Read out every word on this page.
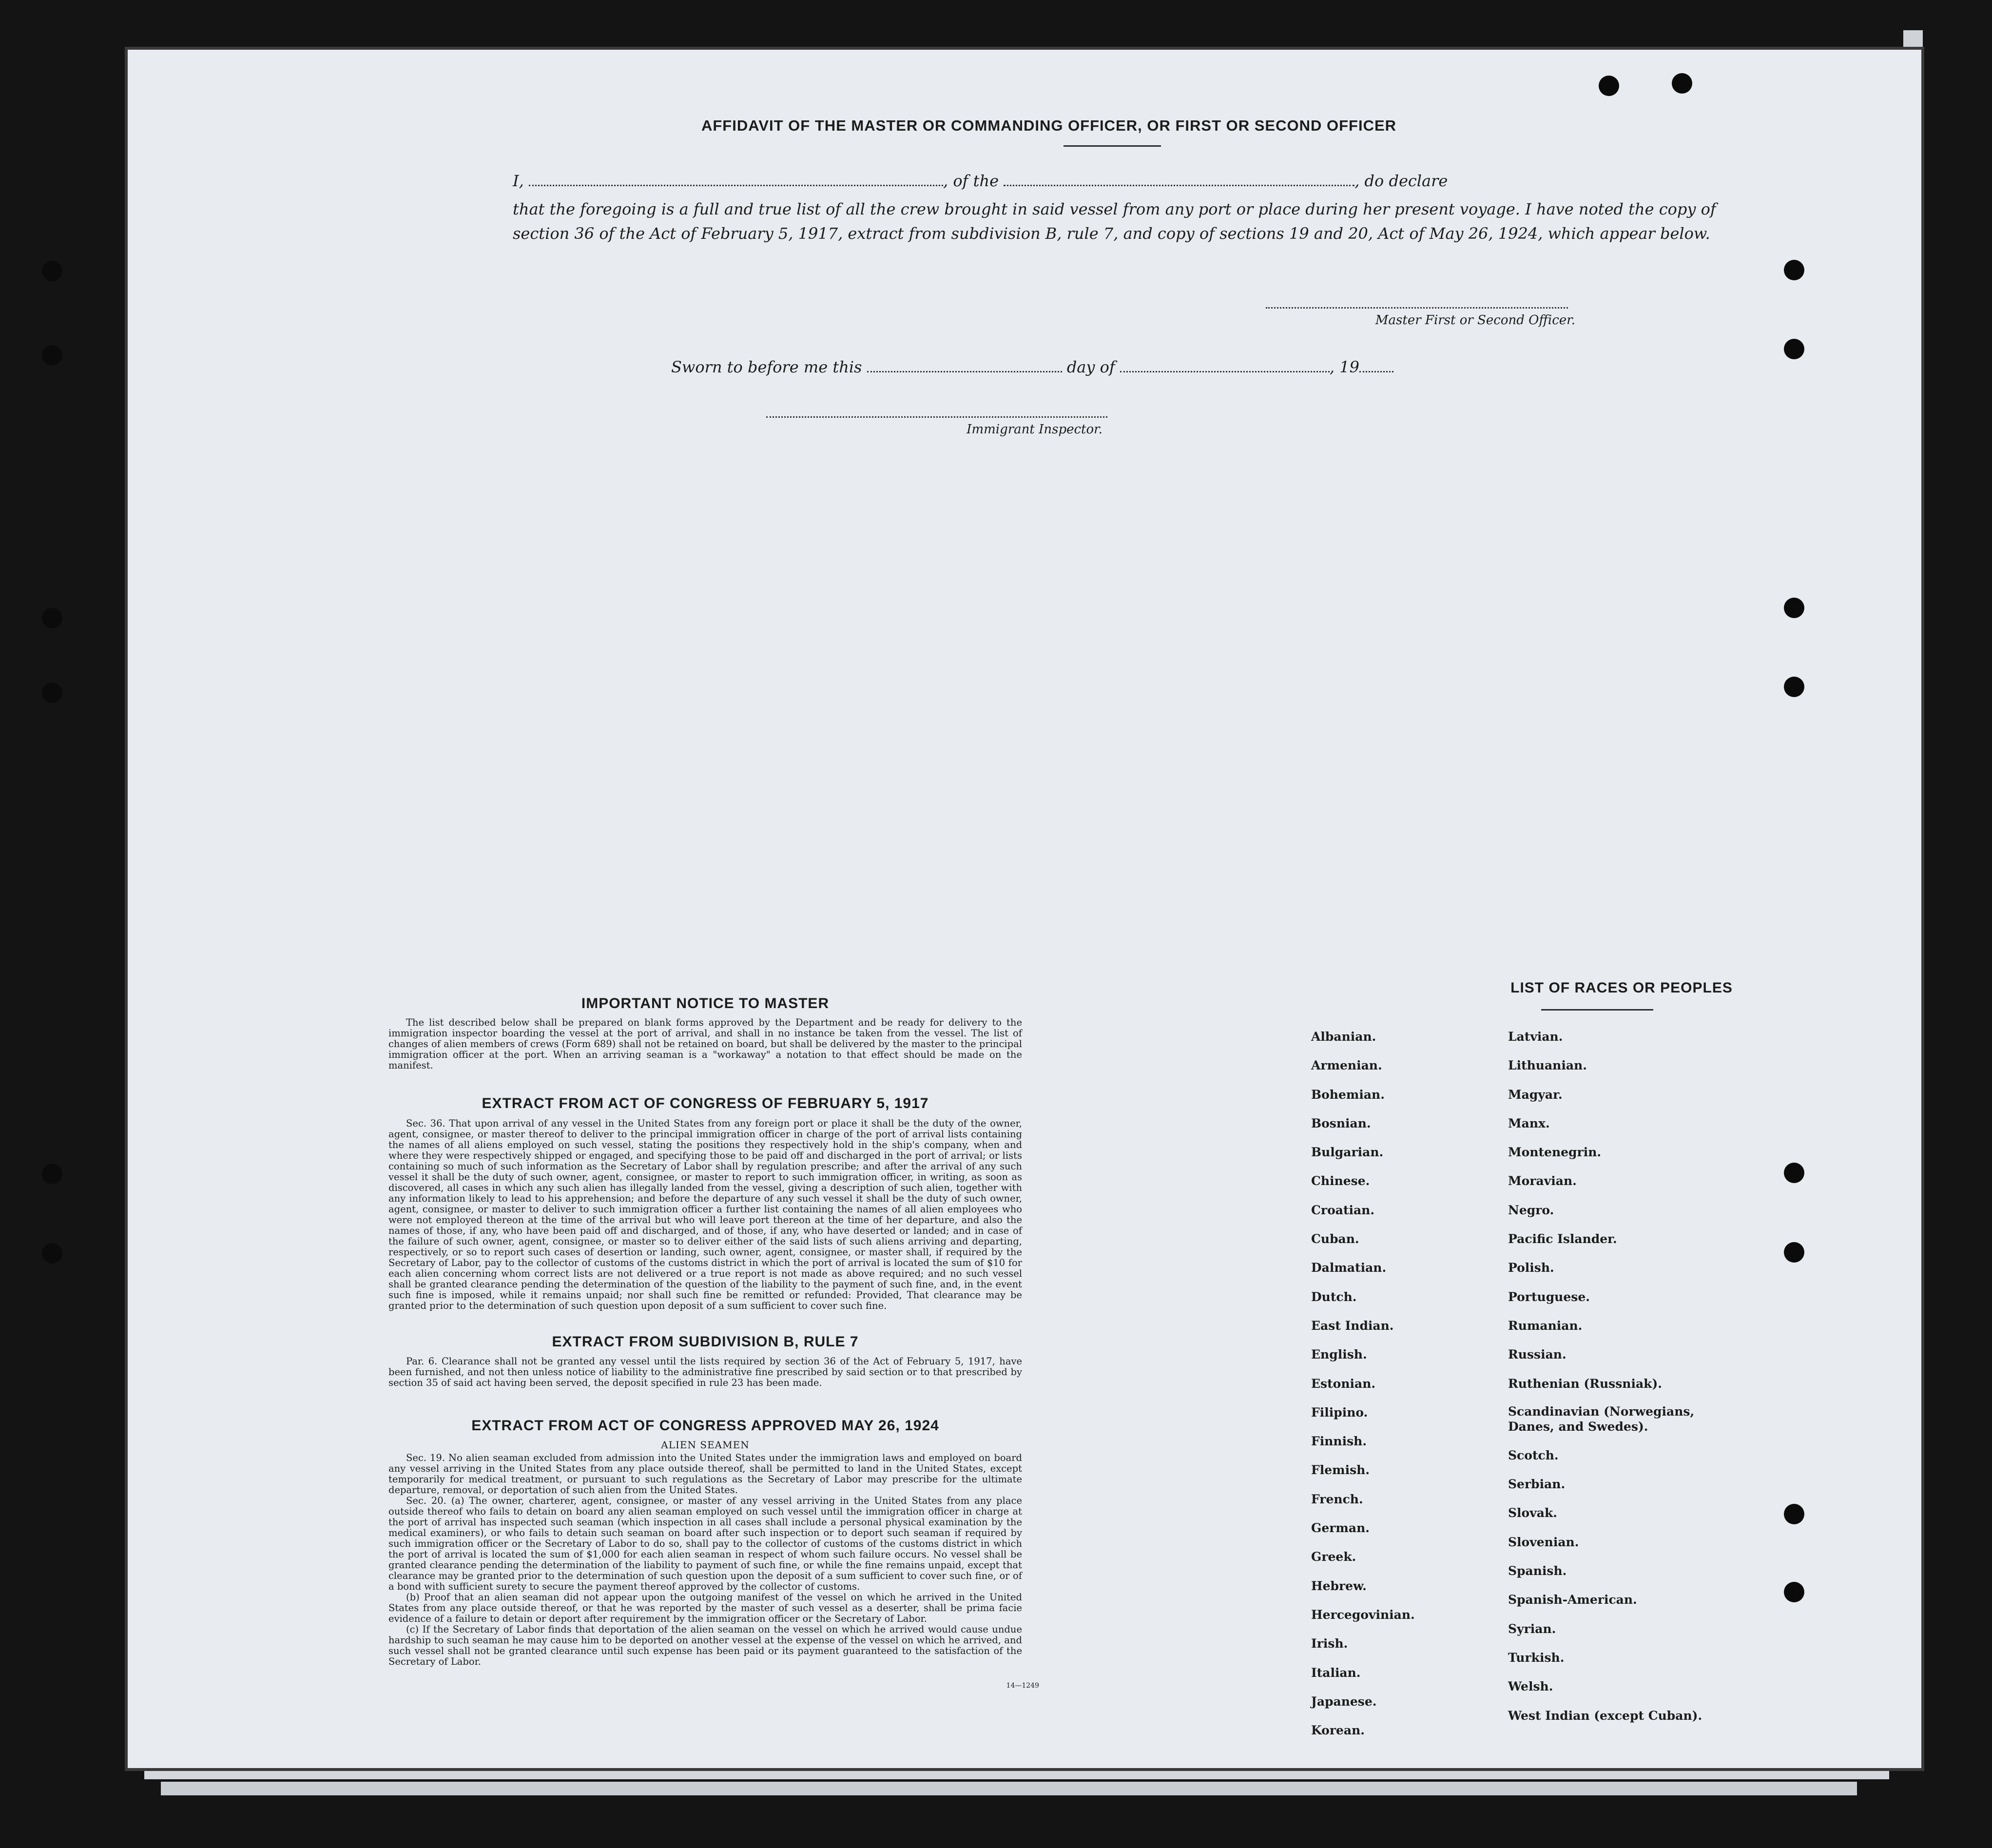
AFFIDAVIT OF THE MASTER OR COMMANDING OFFICER, OR FIRST OR SECOND OFFICER
I,	, of the	, do declare
that the foregoing is a full and true list of all the crew brought in said vessel from any port or place during her present voyage. I have noted the copy of section 36 of the Act of February 5, 1917, extract from subdivision B, rule 7, and copy of sections 19 and 20, Act of May 26, 1924, which appear below.
Master First or Second Officer.
Sworn to before me this	day of	, 19
Immigrant Inspector.
IMPORTANT NOTICE TO MASTER
The list described below shall be prepared on blank forms approved by the Department and be ready for delivery to the immigration inspector boarding the vessel at the port of arrival, and shall in no instance be taken from the vessel. The list of changes of alien members of crews (Form 689) shall not be retained on board, but shall be delivered by the master to the principal immigration officer at the port. When an arriving seaman is a "workaway" a notation to that effect should be made on the manifest.
EXTRACT FROM ACT OF CONGRESS OF FEBRUARY 5, 1917
Sec. 36. That upon arrival of any vessel in the United States from any foreign port or place it shall be the duty of the owner, agent, consignee, or master thereof to deliver to the principal immigration officer in charge of the port of arrival lists containing the names of all aliens employed on such vessel, stating the positions they respectively hold in the ship's company, when and where they were respectively shipped or engaged, and specifying those to be paid off and discharged in the port of arrival; or lists containing so much of such information as the Secretary of Labor shall by regulation prescribe; and after the arrival of any such vessel it shall be the duty of such owner, agent, consignee, or master to report to such immigration officer, in writing, as soon as discovered, all cases in which any such alien has illegally landed from the vessel, giving a description of such alien, together with any information likely to lead to his apprehension; and before the departure of any such vessel it shall be the duty of such owner, agent, consignee, or master to deliver to such immigration officer a further list containing the names of all alien employees who were not employed thereon at the time of the arrival but who will leave port thereon at the time of her departure, and also the names of those, if any, who have been paid off and discharged, and of those, if any, who have deserted or landed; and in case of the failure of such owner, agent, consignee, or master so to deliver either of the said lists of such aliens arriving and departing, respectively, or so to report such cases of desertion or landing, such owner, agent, consignee, or master shall, if required by the Secretary of Labor, pay to the collector of customs of the customs district in which the port of arrival is located the sum of $10 for each alien concerning whom correct lists are not delivered or a true report is not made as above required; and no such vessel shall be granted clearance pending the determination of the question of the liability to the payment of such fine, and, in the event such fine is imposed, while it remains unpaid; nor shall such fine be remitted or refunded: Provided, That clearance may be granted prior to the determination of such question upon deposit of a sum sufficient to cover such fine.
EXTRACT FROM SUBDIVISION B, RULE 7
Par. 6. Clearance shall not be granted any vessel until the lists required by section 36 of the Act of February 5, 1917, have been furnished, and not then unless notice of liability to the administrative fine prescribed by said section or to that prescribed by section 35 of said act having been served, the deposit specified in rule 23 has been made.
EXTRACT FROM ACT OF CONGRESS APPROVED MAY 26, 1924
ALIEN SEAMEN
Sec. 19. No alien seaman excluded from admission into the United States under the immigration laws and employed on board any vessel arriving in the United States from any place outside thereof, shall be permitted to land in the United States, except temporarily for medical treatment, or pursuant to such regulations as the Secretary of Labor may prescribe for the ultimate departure, removal, or deportation of such alien from the United States.
Sec. 20. (a) The owner, charterer, agent, consignee, or master of any vessel arriving in the United States from any place outside thereof who fails to detain on board any alien seaman employed on such vessel until the immigration officer in charge at the port of arrival has inspected such seaman (which inspection in all cases shall include a personal physical examination by the medical examiners), or who fails to detain such seaman on board after such inspection or to deport such seaman if required by such immigration officer or the Secretary of Labor to do so, shall pay to the collector of customs of the customs district in which the port of arrival is located the sum of $1,000 for each alien seaman in respect of whom such failure occurs. No vessel shall be granted clearance pending the determination of the liability to payment of such fine, or while the fine remains unpaid, except that clearance may be granted prior to the determination of such question upon the deposit of a sum sufficient to cover such fine, or of a bond with sufficient surety to secure the payment thereof approved by the collector of customs.
(b) Proof that an alien seaman did not appear upon the outgoing manifest of the vessel on which he arrived in the United States from any place outside thereof, or that he was reported by the master of such vessel as a deserter, shall be prima facie evidence of a failure to detain or deport after requirement by the immigration officer or the Secretary of Labor.
(c) If the Secretary of Labor finds that deportation of the alien seaman on the vessel on which he arrived would cause undue hardship to such seaman he may cause him to be deported on another vessel at the expense of the vessel on which he arrived, and such vessel shall not be granted clearance until such expense has been paid or its payment guaranteed to the satisfaction of the Secretary of Labor.
14—1249
LIST OF RACES OR PEOPLES
Albanian.
Armenian.
Bohemian.
Bosnian.
Bulgarian.
Chinese.
Croatian.
Cuban.
Dalmatian.
Dutch.
East Indian.
English.
Estonian.
Filipino.
Finnish.
Flemish.
French.
German.
Greek.
Hebrew.
Hercegovinian.
Irish.
Italian.
Japanese.
Korean.
Latvian.
Lithuanian.
Magyar.
Manx.
Montenegrin.
Moravian.
Negro.
Pacific Islander.
Polish.
Portuguese.
Rumanian.
Russian.
Ruthenian (Russniak).
Scandinavian (Norwegians, Danes, and Swedes).
Scotch.
Serbian.
Slovak.
Slovenian.
Spanish.
Spanish-American.
Syrian.
Turkish.
Welsh.
West Indian (except Cuban).
